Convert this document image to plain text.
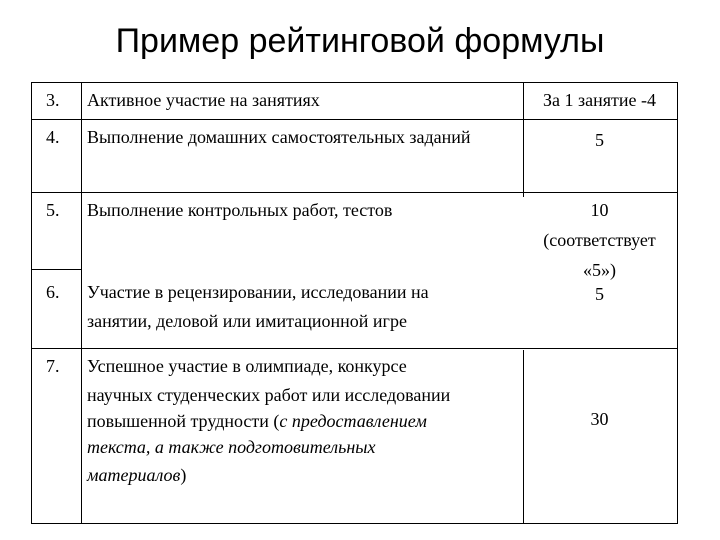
Пример рейтинговой формулы
3. Активное участие на занятиях	За 1 занятие -4
4. Выполнение домашних самостоятельных заданий	5
5. Выполнение контрольных работ, тестов	10
(соответствует
«5»)
6. Участие в рецензировании, исследовании на
занятии, деловой или имитационной игре
5
7. Успешное участие в олимпиаде, конкурсе
научных студенческих работ или исследовании
повышенной трудности (с предоставлением
текста, а также подготовительных
материалов)
30
